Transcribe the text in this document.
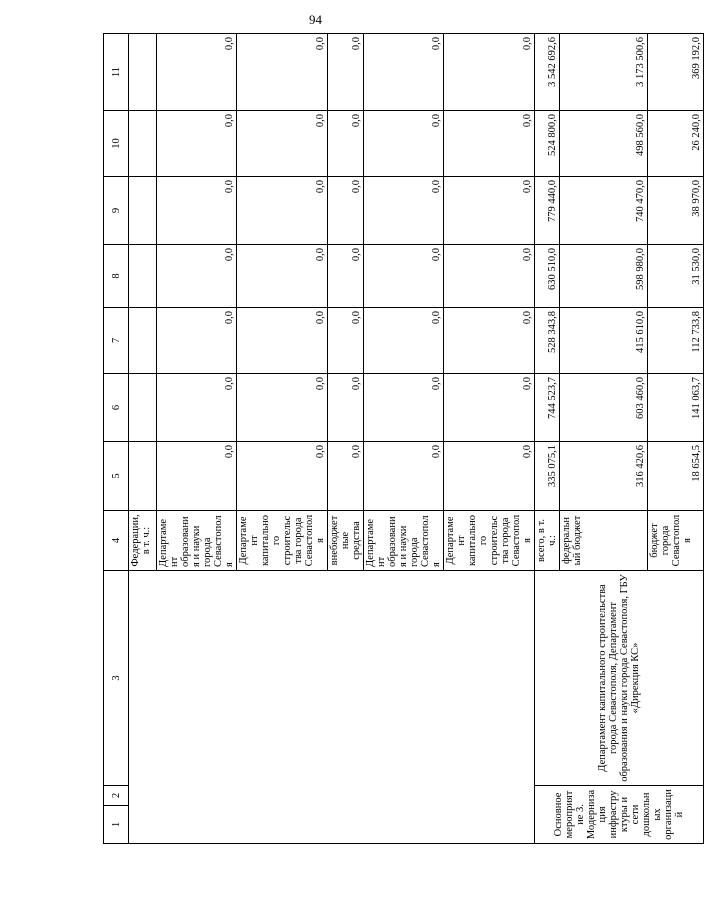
94
1	2	3	4	5	6	7	8	9	10	11
			Федерации, в т. ч.:							
			Департамент образования и науки города Севастополя	0,0	0,0	0,0	0,0	0,0	0,0	0,0
			Департамент капитального строительства города Севастополя	0,0	0,0	0,0	0,0	0,0	0,0	0,0
			внебюджетные средства	0,0	0,0	0,0	0,0	0,0	0,0	0,0
			Департамент образования и науки города Севастополя	0,0	0,0	0,0	0,0	0,0	0,0	0,0
			Департамент капитального строительства города Севастополя	0,0	0,0	0,0	0,0	0,0	0,0	0,0
Основное мероприятие 3. Модернизация инфраструктуры и сети дошкольных организаций		Департамент капитального строительства города Севастополя, Департамент образования и науки города Севастополя, ГБУ «Дирекция КС»	всего, в т. ч.:	335 075,1	744 523,7	528 343,8	630 510,0	779 440,0	524 800,0	3 542 692,6
			федеральный бюджет	316 420,6	603 460,0	415 610,0	598 980,0	740 470,0	498 560,0	3 173 500,6
			бюджет города Севастополя	18 654,5	141 063,7	112 733,8	31 530,0	38 970,0	26 240,0	369 192,0
